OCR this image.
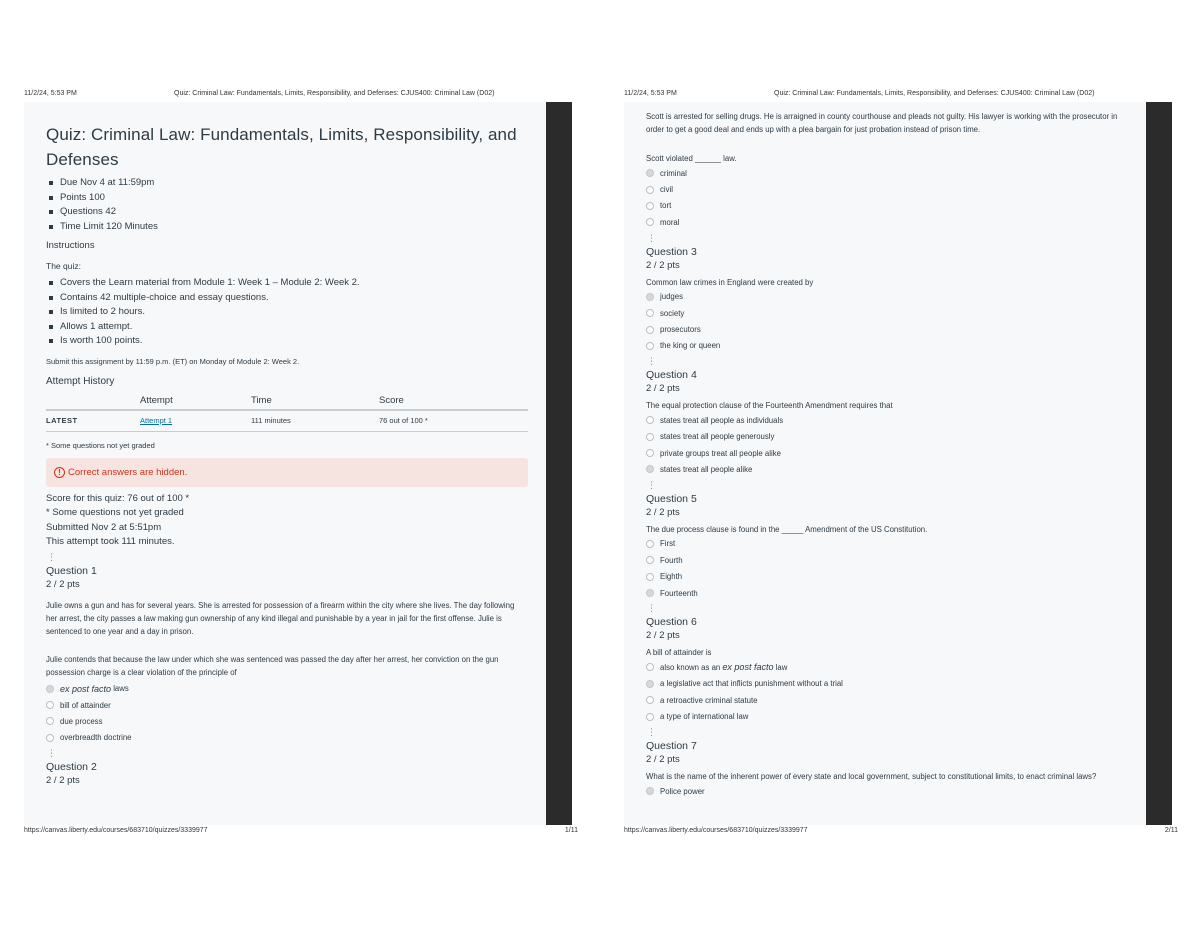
11/2/24, 5:53 PM	Quiz: Criminal Law: Fundamentals, Limits, Responsibility, and Defenses: CJUS400: Criminal Law (D02)
Quiz: Criminal Law: Fundamentals, Limits, Responsibility, and Defenses
Due Nov 4 at 11:59pm
Points 100
Questions 42
Time Limit 120 Minutes
Instructions
The quiz:
Covers the Learn material from Module 1: Week 1 – Module 2: Week 2.
Contains 42 multiple-choice and essay questions.
Is limited to 2 hours.
Allows 1 attempt.
Is worth 100 points.
Submit this assignment by 11:59 p.m. (ET) on Monday of Module 2: Week 2.
Attempt History
	Attempt	Time	Score
LATEST	Attempt 1	111 minutes	76 out of 100 *
* Some questions not yet graded
! Correct answers are hidden.
Score for this quiz: 76 out of 100 *
* Some questions not yet graded
Submitted Nov 2 at 5:51pm
This attempt took 111 minutes.
⋮
Question 1
2 / 2 pts
Julie owns a gun and has for several years. She is arrested for possession of a firearm within the city where she lives. The day following her arrest, the city passes a law making gun ownership of any kind illegal and punishable by a year in jail for the first offense. Julie is sentenced to one year and a day in prison.
Julie contends that because the law under which she was sentenced was passed the day after her arrest, her conviction on the gun possession charge is a clear violation of the principle of
ex post facto laws
bill of attainder
due process
overbreadth doctrine
⋮
Question 2
2 / 2 pts
https://canvas.liberty.edu/courses/683710/quizzes/3339977	1/11
11/2/24, 5:53 PM	Quiz: Criminal Law: Fundamentals, Limits, Responsibility, and Defenses: CJUS400: Criminal Law (D02)
Scott is arrested for selling drugs. He is arraigned in county courthouse and pleads not guilty. His lawyer is working with the prosecutor in order to get a good deal and ends up with a plea bargain for just probation instead of prison time.
Scott violated ______ law.
criminal
civil
tort
moral
⋮
Question 3
2 / 2 pts
Common law crimes in England were created by
judges
society
prosecutors
the king or queen
⋮
Question 4
2 / 2 pts
The equal protection clause of the Fourteenth Amendment requires that
states treat all people as individuals
states treat all people generously
private groups treat all people alike
states treat all people alike
⋮
Question 5
2 / 2 pts
The due process clause is found in the _____ Amendment of the US Constitution.
First
Fourth
Eighth
Fourteenth
⋮
Question 6
2 / 2 pts
A bill of attainder is
also known as an ex post facto law
a legislative act that inflicts punishment without a trial
a retroactive criminal statute
a type of international law
⋮
Question 7
2 / 2 pts
What is the name of the inherent power of every state and local government, subject to constitutional limits, to enact criminal laws?
Police power
https://canvas.liberty.edu/courses/683710/quizzes/3339977	2/11
